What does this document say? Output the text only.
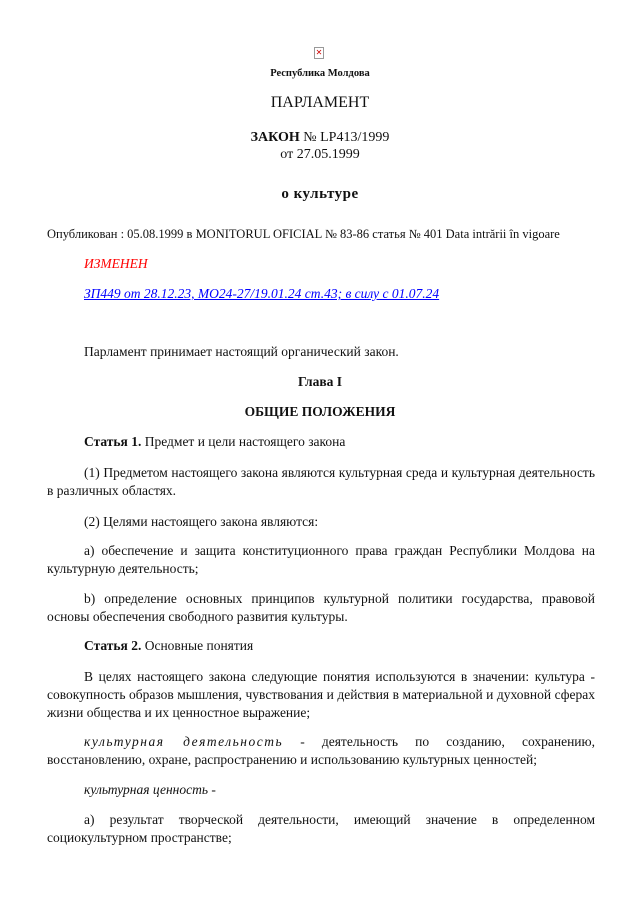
✕
Республика Молдова
ПАРЛАМЕНТ
ЗАКОН № LP413/1999
от 27.05.1999
о культуре
Опубликован : 05.08.1999 в MONITORUL OFICIAL № 83-86 статья № 401 Data intrării în vigoare
ИЗМЕНЕН
ЗП449 от 28.12.23, MO24-27/19.01.24 ст.43; в силу с 01.07.24
Парламент принимает настоящий органический закон.
Глава I
ОБЩИЕ ПОЛОЖЕНИЯ
Статья 1. Предмет и цели настоящего закона
(1) Предметом настоящего закона являются культурная среда и культурная деятельность в различных областях.
(2) Целями настоящего закона являются:
a) обеспечение и защита конституционного права граждан Республики Молдова на культурную деятельность;
b) определение основных принципов культурной политики государства, правовой основы обеспечения свободного развития культуры.
Статья 2. Основные понятия
В целях настоящего закона следующие понятия используются в значении: культура - совокупность образов мышления, чувствования и действия в материальной и духовной сферах жизни общества и их ценностное выражение;
культурная деятельность - деятельность по созданию, сохранению, восстановлению, охране, распространению и использованию культурных ценностей;
культурная ценность -
a) результат творческой деятельности, имеющий значение в определенном социокультурном пространстве;
